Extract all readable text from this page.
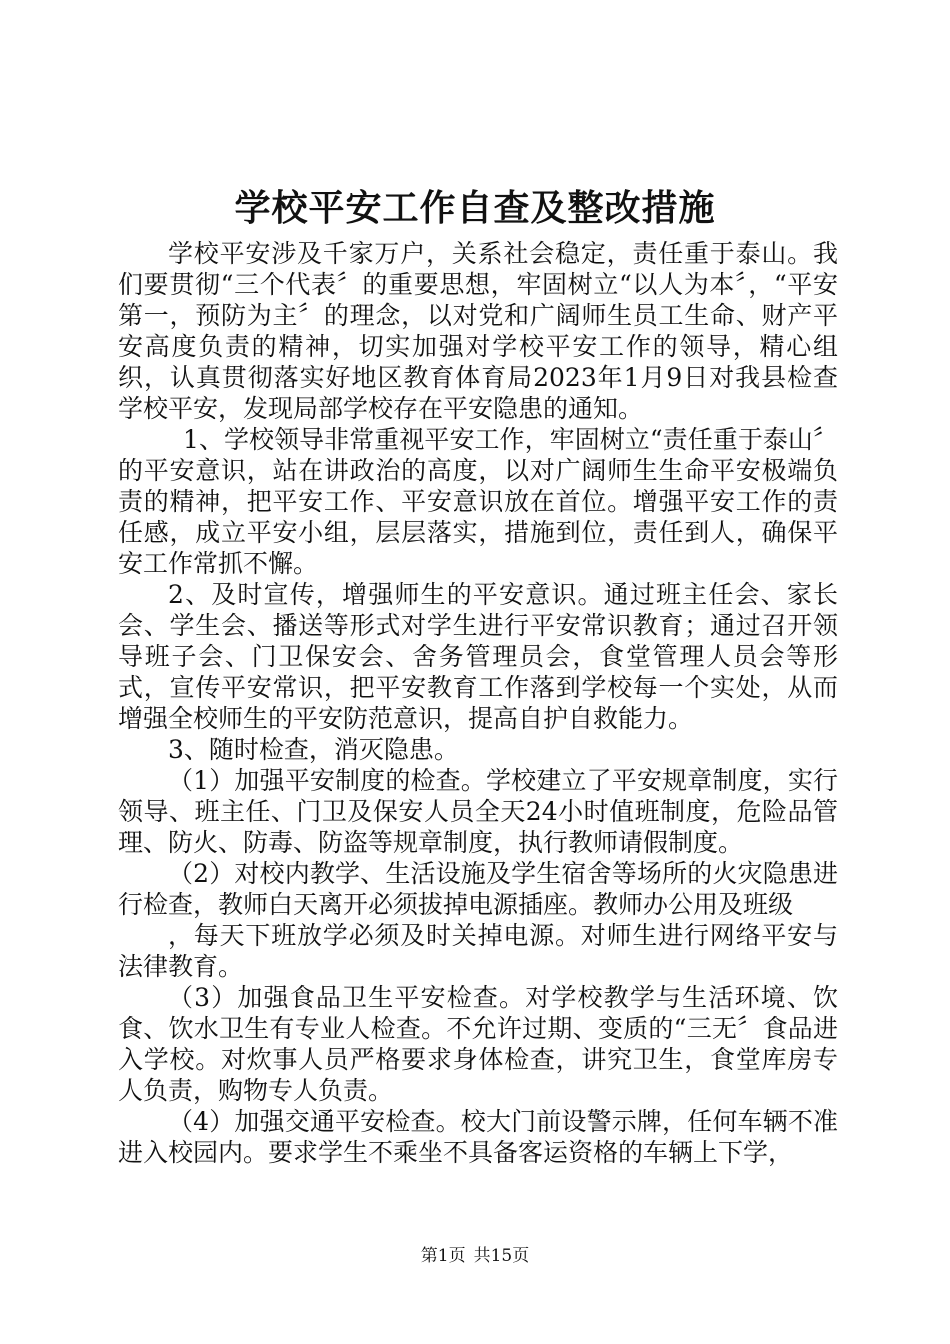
学校平安工作自查及整改措施

学校平安涉及千家万户，关系社会稳定，责任重于泰山。我们要贯彻“三个代表〞的重要思想，牢固树立“以人为本〞，“平安第一，预防为主〞的理念，以对党和广阔师生员工生命、财产平安高度负责的精神，切实加强对学校平安工作的领导，精心组织，认真贯彻落实好地区教育体育局2023年1月9日对我县检查学校平安，发现局部学校存在平安隐患的通知。

1、学校领导非常重视平安工作，牢固树立“责任重于泰山〞的平安意识，站在讲政治的高度，以对广阔师生生命平安极端负责的精神，把平安工作、平安意识放在首位。增强平安工作的责任感，成立平安小组，层层落实，措施到位，责任到人，确保平安工作常抓不懈。

2、及时宣传，增强师生的平安意识。通过班主任会、家长会、学生会、播送等形式对学生进行平安常识教育；通过召开领导班子会、门卫保安会、舍务管理员会，食堂管理人员会等形式，宣传平安常识，把平安教育工作落到学校每一个实处，从而增强全校师生的平安防范意识，提高自护自救能力。

3、随时检查，消灭隐患。

（1）加强平安制度的检查。学校建立了平安规章制度，实行领导、班主任、门卫及保安人员全天24小时值班制度，危险品管理、防火、防毒、防盗等规章制度，执行教师请假制度。

（2）对校内教学、生活设施及学生宿舍等场所的火灾隐患进行检查，教师白天离开必须拔掉电源插座。教师办公用及班级

，每天下班放学必须及时关掉电源。对师生进行网络平安与法律教育。

（3）加强食品卫生平安检查。对学校教学与生活环境、饮食、饮水卫生有专业人检查。不允许过期、变质的“三无〞食品进入学校。对炊事人员严格要求身体检查，讲究卫生，食堂库房专人负责，购物专人负责。

（4）加强交通平安检查。校大门前设警示牌，任何车辆不准进入校园内。要求学生不乘坐不具备客运资格的车辆上下学，

第1页 共15页
